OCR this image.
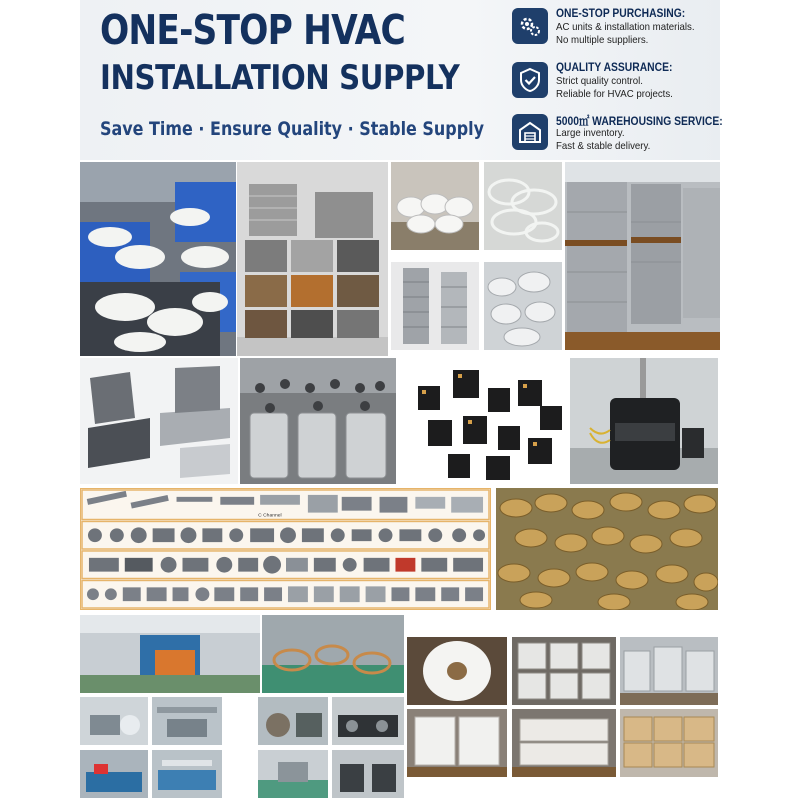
ONE-STOP HVAC
INSTALLATION SUPPLY
Save Time · Ensure Quality · Stable Supply
ONE-STOP PURCHASING:
AC units & installation materials.
No multiple suppliers.
QUALITY ASSURANCE:
Strict quality control.
Reliable for HVAC projects.
5000㎡ WAREHOUSING SERVICE:
Large inventory.
Fast & stable delivery.
C Channel
